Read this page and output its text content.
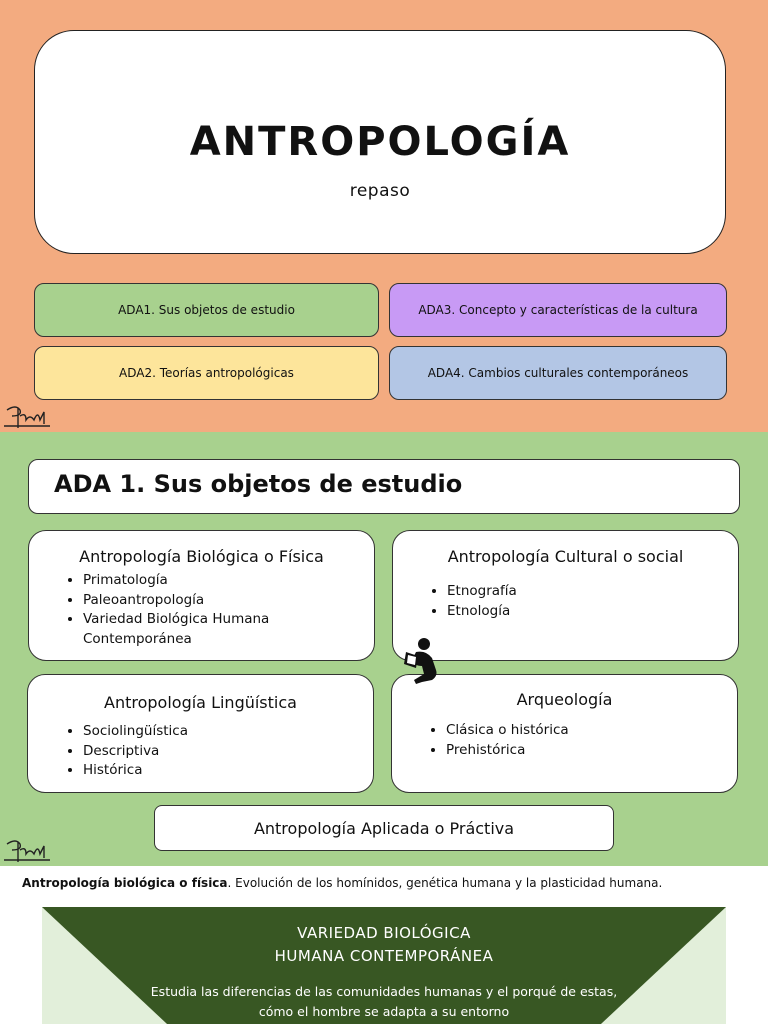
ANTROPOLOGÍA
repaso
ADA1. Sus objetos de estudio	ADA3. Concepto y características de la cultura
ADA2. Teorías antropológicas	ADA4. Cambios culturales contemporáneos
ADA 1. Sus objetos de estudio
Antropología Biológica o Física
• Primatología
• Paleoantropología
• Variedad Biológica Humana Contemporánea
Antropología Cultural o social
• Etnografía
• Etnología
Antropología Lingüística
• Sociolingüística
• Descriptiva
• Histórica
Arqueología
• Clásica o histórica
• Prehistórica
Antropología Aplicada o Práctiva
Antropología biológica o física. Evolución de los homínidos, genética humana y la plasticidad humana.
VARIEDAD BIOLÓGICA
HUMANA CONTEMPORÁNEA
Estudia las diferencias de las comunidades humanas y el porqué de estas, cómo el hombre se adapta a su entorno
